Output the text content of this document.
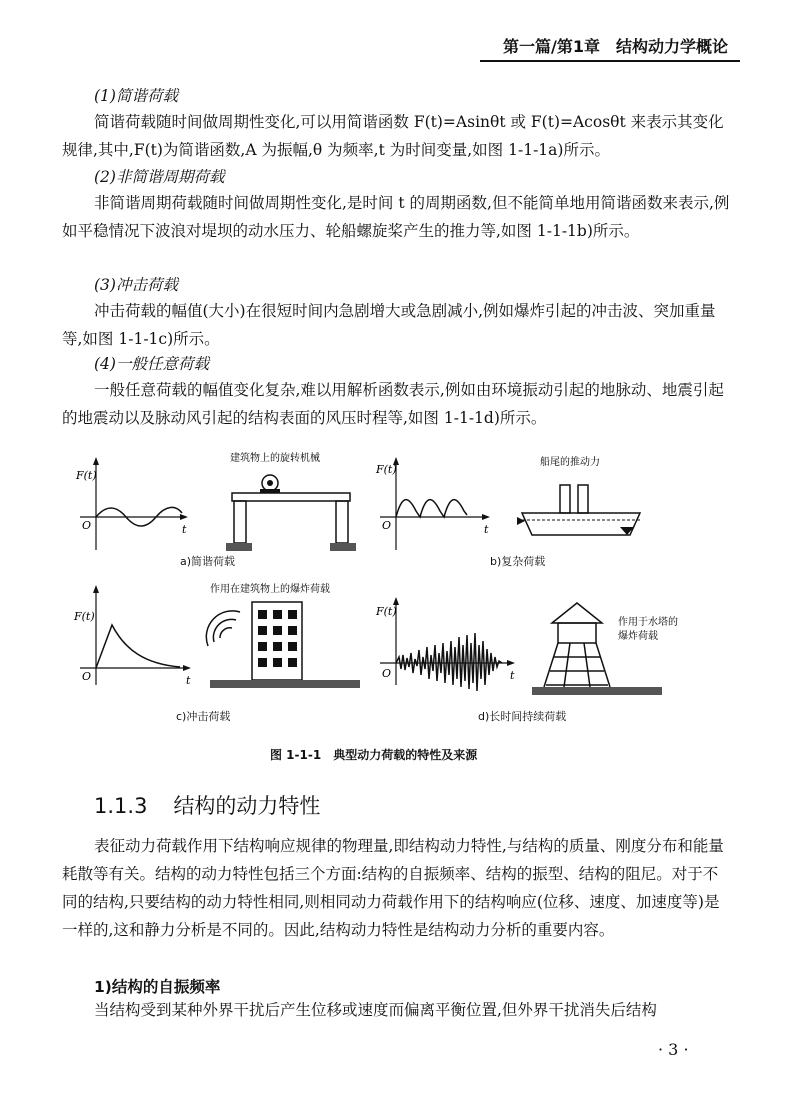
第一篇/第1章　结构动力学概论
(1)简谐荷载
简谐荷载随时间做周期性变化,可以用简谐函数 F(t)=Asinθt 或 F(t)=Acosθt 来表示其变化规律,其中,F(t)为简谐函数,A 为振幅,θ 为频率,t 为时间变量,如图 1-1-1a)所示。
(2)非简谐周期荷载
非简谐周期荷载随时间做周期性变化,是时间 t 的周期函数,但不能简单地用简谐函数来表示,例如平稳情况下波浪对堤坝的动水压力、轮船螺旋桨产生的推力等,如图 1-1-1b)所示。
(3)冲击荷载
冲击荷载的幅值(大小)在很短时间内急剧增大或急剧减小,例如爆炸引起的冲击波、突加重量等,如图 1-1-1c)所示。
(4)一般任意荷载
一般任意荷载的幅值变化复杂,难以用解析函数表示,例如由环境振动引起的地脉动、地震引起的地震动以及脉动风引起的结构表面的风压时程等,如图 1-1-1d)所示。
F(t)
O	t
建筑物上的旋转机械
a)简谐荷载
F(t)
O	t
船尾的推动力
b)复杂荷载
F(t)
O	t
作用在建筑物上的爆炸荷载
c)冲击荷载
F(t)
O	t
作用于水塔的
爆炸荷载
d)长时间持续荷载
图 1-1-1　典型动力荷载的特性及来源
1.1.3 结构的动力特性
表征动力荷载作用下结构响应规律的物理量,即结构动力特性,与结构的质量、刚度分布和能量耗散等有关。结构的动力特性包括三个方面:结构的自振频率、结构的振型、结构的阻尼。对于不同的结构,只要结构的动力特性相同,则相同动力荷载作用下的结构响应(位移、速度、加速度等)是一样的,这和静力分析是不同的。因此,结构动力特性是结构动力分析的重要内容。
1)结构的自振频率
当结构受到某种外界干扰后产生位移或速度而偏离平衡位置,但外界干扰消失后结构
· 3 ·
